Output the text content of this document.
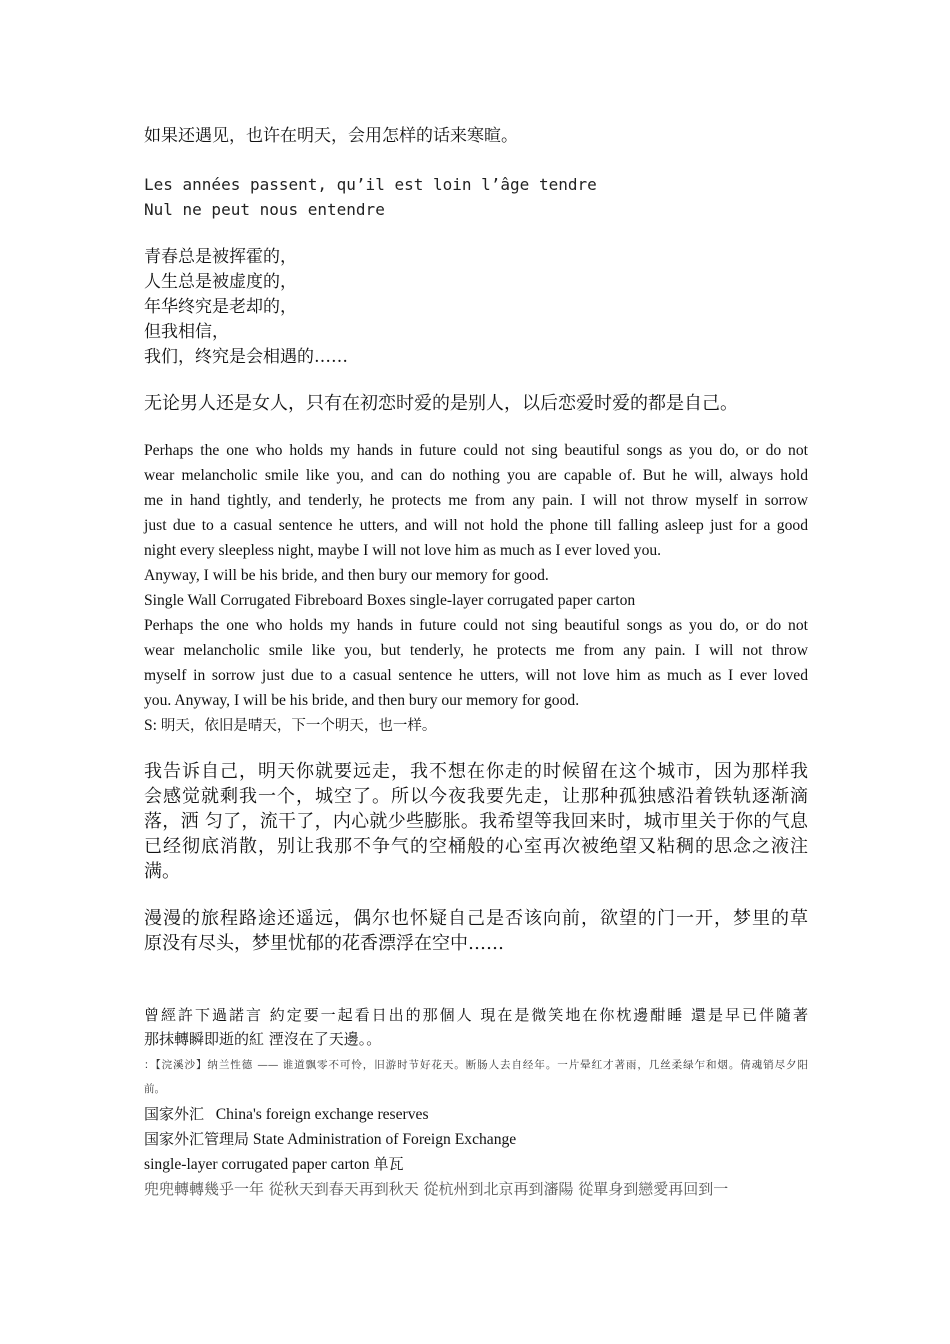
如果还遇见，也许在明天，会用怎样的话来寒暄。

Les années passent, qu’il est loin l’âge tendre
Nul ne peut nous entendre
青春总是被挥霍的，
人生总是被虚度的，
年华终究是老却的，
但我相信，
我们，终究是会相遇的……

无论男人还是女人，只有在初恋时爱的是别人，以后恋爱时爱的都是自己。

Perhaps the one who holds my hands in future could not sing beautiful songs as you do, or do not
wear melancholic smile like you, and can do nothing you are capable of. But he will, always hold
me in hand tightly, and tenderly, he protects me from any pain. I will not throw myself in sorrow
just due to a casual sentence he utters, and will not hold the phone till falling asleep just for a good
night every sleepless night, maybe I will not love him as much as I ever loved you.
Anyway, I will be his bride, and then bury our memory for good.
Single Wall Corrugated Fibreboard Boxes single-layer corrugated paper carton
Perhaps the one who holds my hands in future could not sing beautiful songs as you do, or do not
wear melancholic smile like you, but tenderly, he protects me from any pain. I will not throw
myself in sorrow just due to a casual sentence he utters, will not love him as much as I ever loved
you. Anyway, I will be his bride, and then bury our memory for good.
S: 明天，依旧是晴天，下一个明天，也一样。
我告诉自己，明天你就要远走，我不想在你走的时候留在这个城市，因为那样我
会感觉就剩我一个，城空了。所以今夜我要先走，让那种孤独感沿着铁轨逐渐滴
落，洒 匀了，流干了，内心就少些膨胀。我希望等我回来时，城市里关于你的气息
已经彻底消散，别让我那不争气的空桶般的心室再次被绝望又粘稠的思念之液注
满。
漫漫的旅程路途还遥远，偶尔也怀疑自己是否该向前，欲望的门一开，梦里的草
原没有尽头，梦里忧郁的花香漂浮在空中……
曾經許下過諾言 約定要一起看日出的那個人 現在是微笑地在你枕邊酣睡 還是早已伴隨著
那抹轉瞬即逝的紅 湮沒在了天邊。。
：【浣溪沙】纳兰性德 —— 谁道飘零不可怜，旧游时节好花天。断肠人去自经年。一片晕红才著雨，几丝柔绿乍和烟。倩魂销尽夕阳
前。
国家外汇 China's foreign exchange reserves
国家外汇管理局 State Administration of Foreign Exchange
single-layer corrugated paper carton 单瓦

兜兜轉轉幾乎一年 從秋天到春天再到秋天 從杭州到北京再到瀋陽 從單身到戀愛再回到一
